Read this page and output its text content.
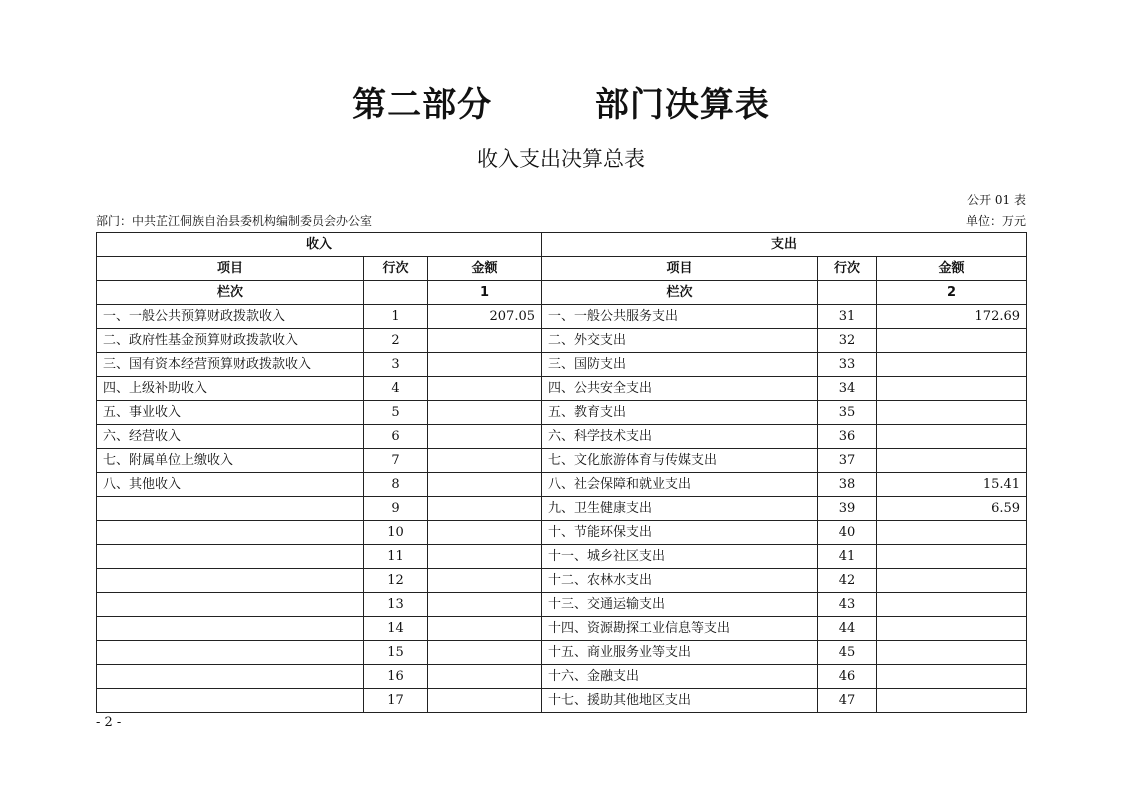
第二部分        部门决算表
收入支出决算总表
公开 01 表
部门：中共芷江侗族自治县委机构编制委员会办公室	单位：万元
收入			支出		
项目	行次	金额	项目	行次	金额
栏次		1	栏次		2
一、一般公共预算财政拨款收入	1	207.05	一、一般公共服务支出	31	172.69
二、政府性基金预算财政拨款收入	2		二、外交支出	32	
三、国有资本经营预算财政拨款收入	3		三、国防支出	33	
四、上级补助收入	4		四、公共安全支出	34	
五、事业收入	5		五、教育支出	35	
六、经营收入	6		六、科学技术支出	36	
七、附属单位上缴收入	7		七、文化旅游体育与传媒支出	37	
八、其他收入	8		八、社会保障和就业支出	38	15.41
	9		九、卫生健康支出	39	6.59
	10		十、节能环保支出	40	
	11		十一、城乡社区支出	41	
	12		十二、农林水支出	42	
	13		十三、交通运输支出	43	
	14		十四、资源勘探工业信息等支出	44	
	15		十五、商业服务业等支出	45	
	16		十六、金融支出	46	
	17		十七、援助其他地区支出	47	
- 2 -
